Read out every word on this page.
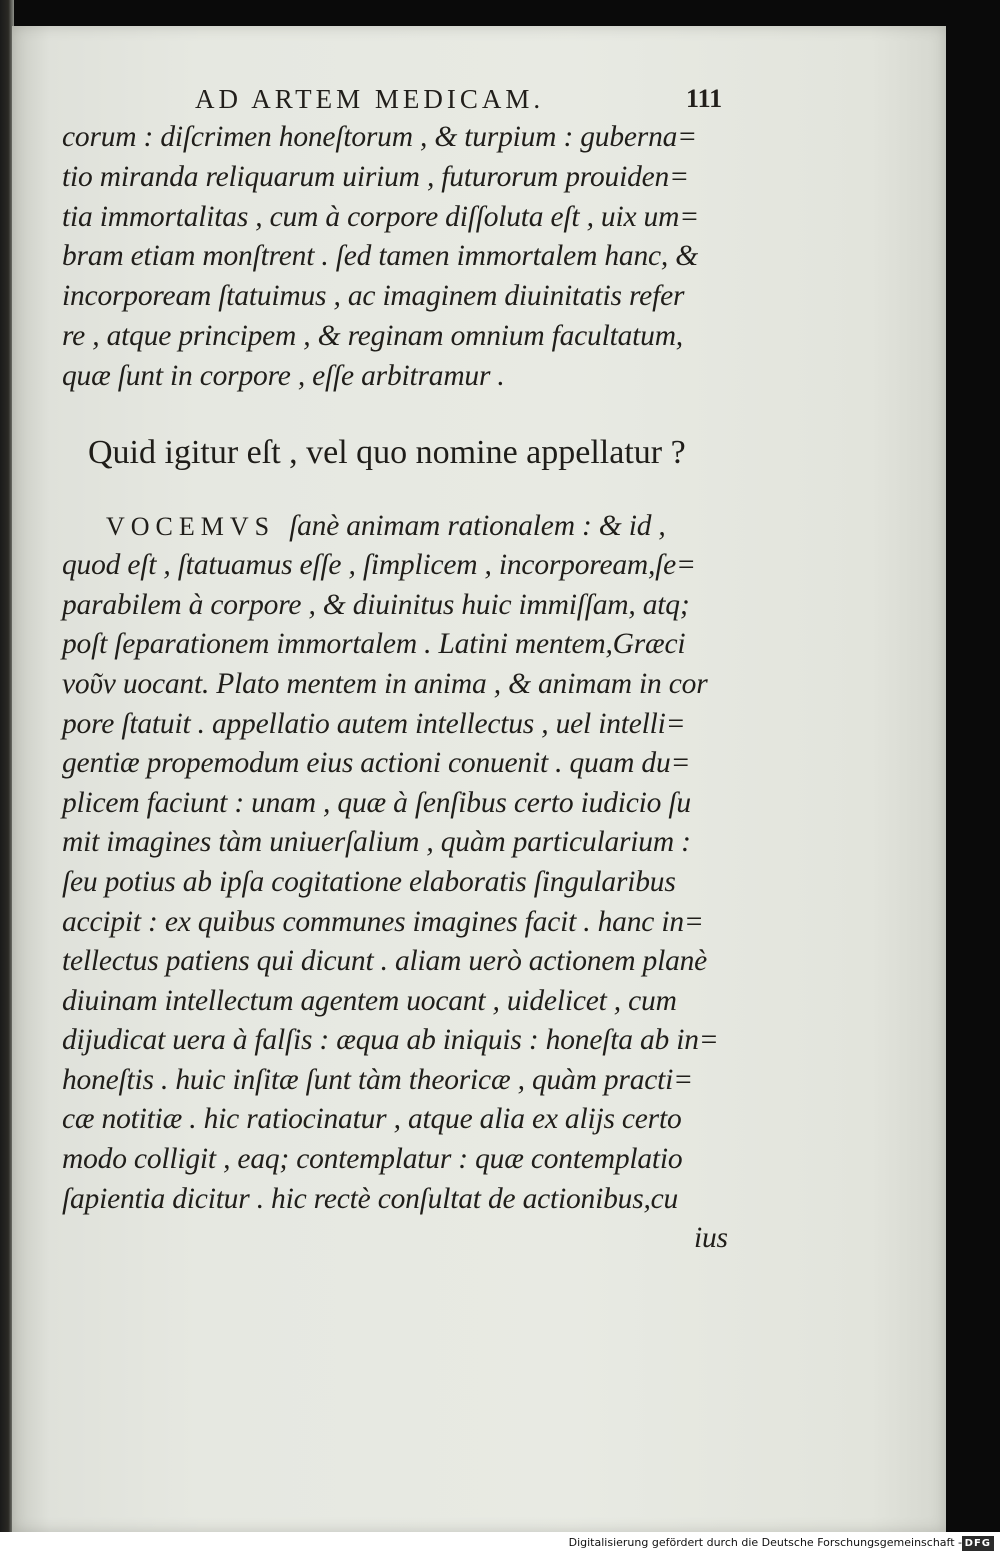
AD ARTEM MEDICAM.	111
corum : diſcrimen honeſtorum , & turpium : guberna=
tio miranda reliquarum uirium , futurorum prouiden=
tia immortalitas , cum à corpore diſſoluta eſt , uix um=
bram etiam monſtrent . ſed tamen immortalem hanc, &
incorpoream ſtatuimus , ac imaginem diuinitatis refer
re , atque principem , & reginam omnium facultatum,
quæ ſunt in corpore , eſſe arbitramur .
Quid igitur eſt , vel quo nomine appellatur ?
VOCEMVS ſanè animam rationalem : & id ,
quod eſt , ſtatuamus eſſe , ſimplicem , incorpoream,ſe=
parabilem à corpore , & diuinitus huic immiſſam, atq;
poſt ſeparationem immortalem . Latini mentem,Græci
νοῦν uocant. Plato mentem in anima , & animam in cor
pore ſtatuit . appellatio autem intellectus , uel intelli=
gentiæ propemodum eius actioni conuenit . quam du=
plicem faciunt : unam , quæ à ſenſibus certo iudicio ſu
mit imagines tàm uniuerſalium , quàm particularium :
ſeu potius ab ipſa cogitatione elaboratis ſingularibus
accipit : ex quibus communes imagines facit . hanc in=
tellectus patiens qui dicunt . aliam uerò actionem planè
diuinam intellectum agentem uocant , uidelicet , cum
dijudicat uera à falſis : æqua ab iniquis : honeſta ab in=
honeſtis . huic inſitæ ſunt tàm theoricæ , quàm practi=
cæ notitiæ . hic ratiocinatur , atque alia ex alijs certo
modo colligit , eaq; contemplatur : quæ contemplatio
ſapientia dicitur . hic rectè conſultat de actionibus,cu
ius
Digitalisierung gefördert durch die Deutsche Forschungsgemeinschaft - DFG
